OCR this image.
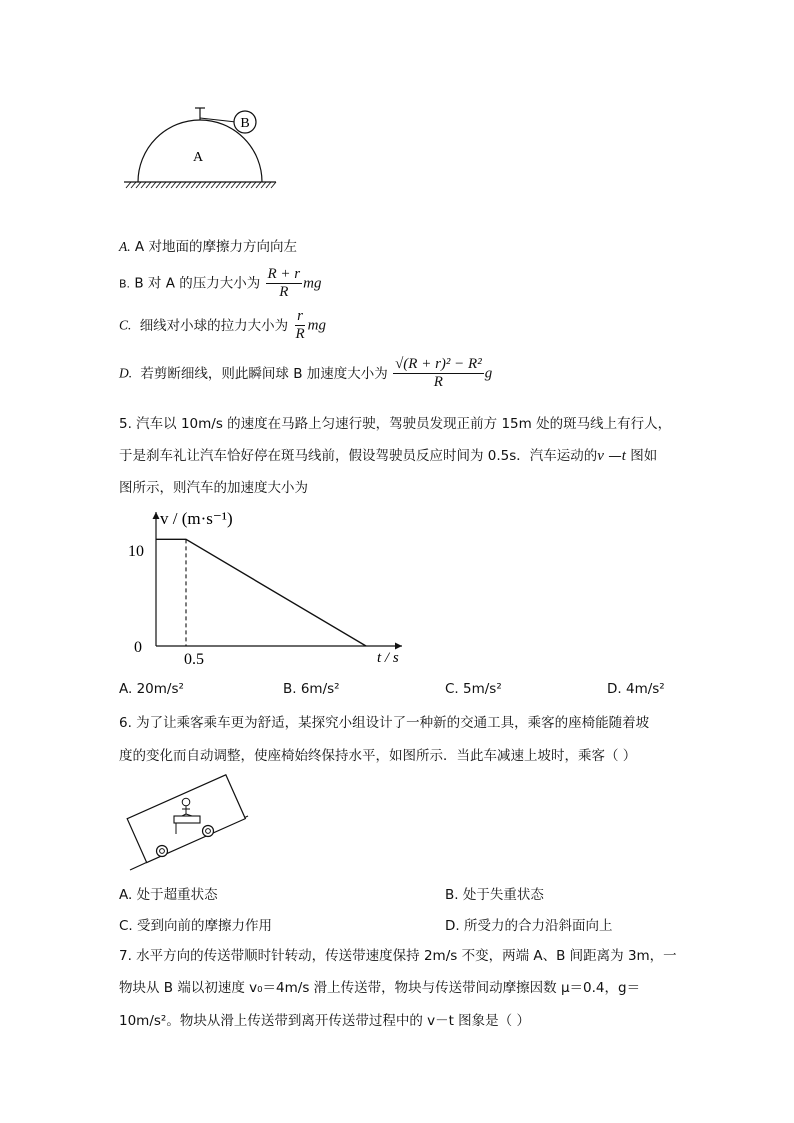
B
A
A. A 对地面的摩擦力方向向左
B. B 对 A 的压力大小为 $\frac{R + r}{R}$ mg
C. 细线对小球的拉力大小为 $\frac{r}{R}$ mg
D. 若剪断细线，则此瞬间球 B 加速度大小为 $\frac{\text{√(R + r)² − R²}}{R}$ g
5. 汽车以 10m/s 的速度在马路上匀速行驶，驾驶员发现正前方 15m 处的斑马线上有行人，
于是刹车礼让汽车恰好停在斑马线前，假设驾驶员反应时间为 0.5s．汽车运动的v —t 图如
图所示，则汽车的加速度大小为
v / (m·s⁻¹)
t / s
10
0
0.5
A. 20m/s²	B. 6m/s²	C. 5m/s²	D. 4m/s²
6. 为了让乘客乘车更为舒适，某探究小组设计了一种新的交通工具，乘客的座椅能随着坡
度的变化而自动调整，使座椅始终保持水平，如图所示．当此车减速上坡时，乘客（ ）
A. 处于超重状态	B. 处于失重状态
C. 受到向前的摩擦力作用	D. 所受力的合力沿斜面向上
7. 水平方向的传送带顺时针转动，传送带速度保持 2m/s 不变，两端 A、B 间距离为 3m，一
物块从 B 端以初速度 v₀＝4m/s 滑上传送带，物块与传送带间动摩擦因数 μ＝0.4，g＝
10m/s²。物块从滑上传送带到离开传送带过程中的 v－t 图象是（ ）
